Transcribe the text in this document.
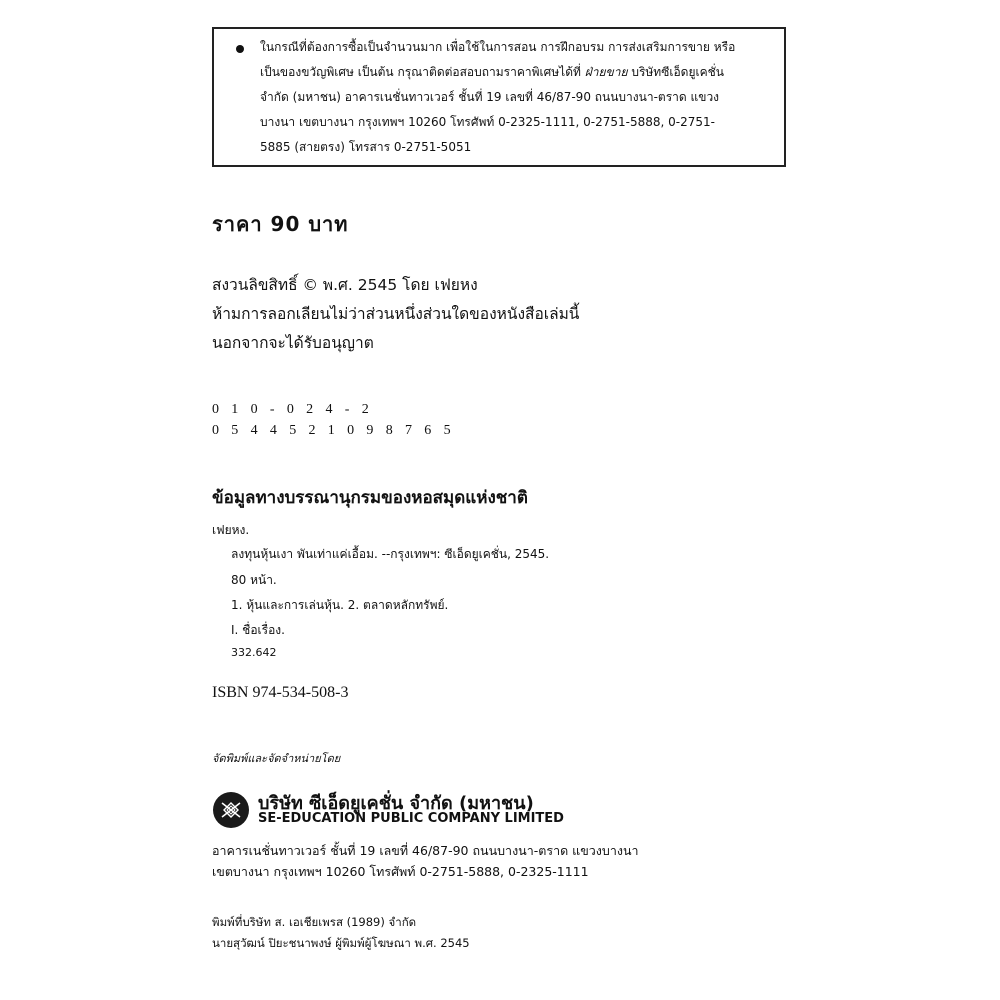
ในกรณีที่ต้องการซื้อเป็นจำนวนมาก เพื่อใช้ในการสอน การฝึกอบรม การส่งเสริมการขาย หรือ
เป็นของขวัญพิเศษ เป็นต้น กรุณาติดต่อสอบถามราคาพิเศษได้ที่ ฝ่ายขาย บริษัทซีเอ็ดยูเคชั่น
จำกัด (มหาชน) อาคารเนชั่นทาวเวอร์ ชั้นที่ 19 เลขที่ 46/87-90 ถนนบางนา-ตราด แขวง
บางนา เขตบางนา กรุงเทพฯ 10260 โทรศัพท์ 0-2325-1111, 0-2751-5888, 0-2751-
5885 (สายตรง) โทรสาร 0-2751-5051
ราคา 90 บาท
สงวนลิขสิทธิ์ © พ.ศ. 2545 โดย เฟยหง
ห้ามการลอกเลียนไม่ว่าส่วนหนึ่งส่วนใดของหนังสือเล่มนี้
นอกจากจะได้รับอนุญาต
010-024-2
0544521098765
ข้อมูลทางบรรณานุกรมของหอสมุดแห่งชาติ
เฟยหง.
ลงทุนหุ้นเงา พันเท่าแค่เอื้อม. --กรุงเทพฯ: ซีเอ็ดยูเคชั่น, 2545.
80 หน้า.
1. หุ้นและการเล่นหุ้น. 2. ตลาดหลักทรัพย์.
I. ชื่อเรื่อง.
332.642
ISBN 974-534-508-3
จัดพิมพ์และจัดจำหน่ายโดย
บริษัท ซีเอ็ดยูเคชั่น จำกัด (มหาชน)
SE-EDUCATION PUBLIC COMPANY LIMITED
อาคารเนชั่นทาวเวอร์ ชั้นที่ 19 เลขที่ 46/87-90 ถนนบางนา-ตราด แขวงบางนา
เขตบางนา กรุงเทพฯ 10260 โทรศัพท์ 0-2751-5888, 0-2325-1111
พิมพ์ที่บริษัท ส. เอเชียเพรส (1989) จำกัด
นายสุวัฒน์ ปิยะชนาพงษ์ ผู้พิมพ์ผู้โฆษณา พ.ศ. 2545
